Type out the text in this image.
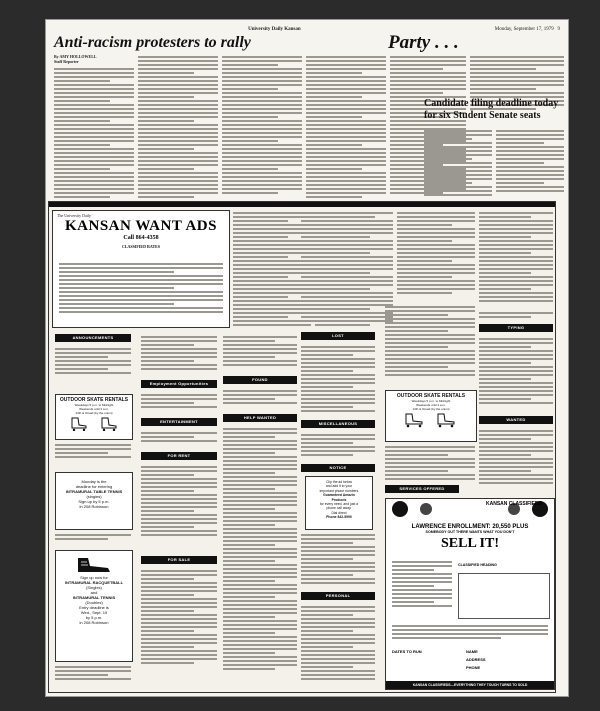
University Daily Kansan	Monday, September 17, 1979 9
Anti-racism protesters to rally	Party . . .
By AMY HOLLOWELL
Staff Reporter
Candidate filing deadline today for six Student Senate seats
The University Daily
KANSAN WANT ADS
Call 864-4358
CLASSIFIED RATES
ANNOUNCEMENTS
Employment Opportunities
ENTERTAINMENT
FOR RENT
FOR SALE
FOUND
HELP WANTED
LOST
MISCELLANEOUS
NOTICE
PERSONAL
SERVICES OFFERED
TYPING
WANTED
OUTDOOR SKATE RENTALS
Weekdays 5 p.m. to Midnight
Weekends until 2 a.m.
13th & Oread (by the union)
Monday is the
deadline for entering
INTRAMURAL TABLE TENNIS
(singles)
Sign up by 5 p.m.
in 208 Robinson
Sign up now for
INTRAMURAL RACQUETBALL
(Singles)
and
INTRAMURAL TENNIS
(Doubles)
Entry deadline is
Wed., Sept. 19
by 5 p.m.
in 208 Robinson
Clip the ad below
and add it to your
important phone numbers
Guaranteed Amazin
Products
for every need, and just a
phone call away.
Dial direct
Phone 842-5990
OUTDOOR SKATE RENTALS
Weekdays 5 p.m. to Midnight
Weekends until 2 a.m.
13th & Oread (by the union)
KANSAN CLASSIFIEDS
LAWRENCE ENROLLMENT: 20,550 PLUS
SOMEBODY OUT THERE WANTS WHAT YOU DON'T
SELL IT!
CLASSIFIED HEADING
DATES TO RUN	NAME
ADDRESS
PHONE
KANSAN CLASSIFIEDS—EVERYTHING THEY TOUCH TURNS TO SOLD
